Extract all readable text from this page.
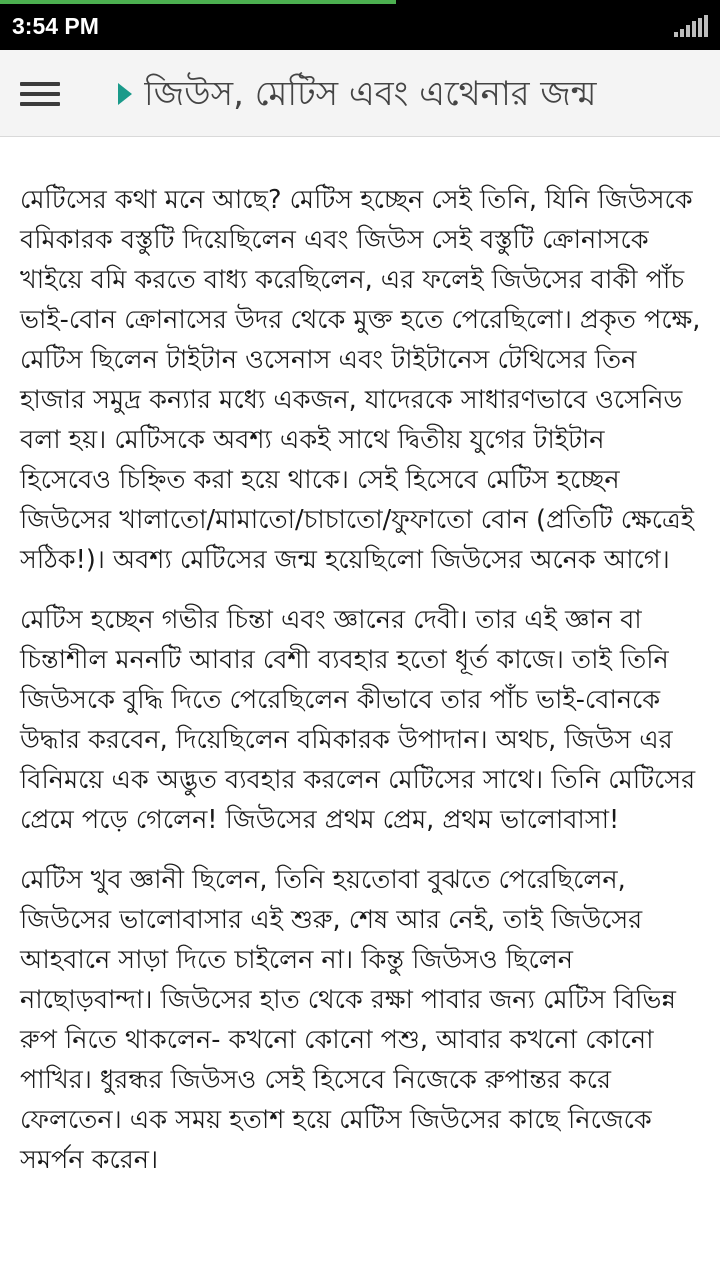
3:54 PM
জিউস, মেটিস এবং এথেনার জন্ম

মেটিসের কথা মনে আছে? মেটিস হচ্ছেন সেই তিনি, যিনি জিউসকে বমিকারক বস্তুটি দিয়েছিলেন এবং জিউস সেই বস্তুটি ক্রোনাসকে খাইয়ে বমি করতে বাধ্য করেছিলেন, এর ফলেই জিউসের বাকী পাঁচ ভাই-বোন ক্রোনাসের উদর থেকে মুক্ত হতে পেরেছিলো। প্রকৃত পক্ষে, মেটিস ছিলেন টাইটান ওসেনাস এবং টাইটানেস টেথিসের তিন হাজার সমুদ্র কন্যার মধ্যে একজন, যাদেরকে সাধারণভাবে ওসেনিড বলা হয়। মেটিসকে অবশ্য একই সাথে দ্বিতীয় যুগের টাইটান হিসেবেও চিহ্নিত করা হয়ে থাকে। সেই হিসেবে মেটিস হচ্ছেন জিউসের খালাতো/মামাতো/চাচাতো/ফুফাতো বোন (প্রতিটি ক্ষেত্রেই সঠিক!)। অবশ্য মেটিসের জন্ম হয়েছিলো জিউসের অনেক আগে।

মেটিস হচ্ছেন গভীর চিন্তা এবং জ্ঞানের দেবী। তার এই জ্ঞান বা চিন্তাশীল মননটি আবার বেশী ব্যবহার হতো ধূর্ত কাজে। তাই তিনি জিউসকে বুদ্ধি দিতে পেরেছিলেন কীভাবে তার পাঁচ ভাই-বোনকে উদ্ধার করবেন, দিয়েছিলেন বমিকারক উপাদান। অথচ, জিউস এর বিনিময়ে এক অদ্ভুত ব্যবহার করলেন মেটিসের সাথে। তিনি মেটিসের প্রেমে পড়ে গেলেন! জিউসের প্রথম প্রেম, প্রথম ভালোবাসা!

মেটিস খুব জ্ঞানী ছিলেন, তিনি হয়তোবা বুঝতে পেরেছিলেন, জিউসের ভালোবাসার এই শুরু, শেষ আর নেই, তাই জিউসের আহবানে সাড়া দিতে চাইলেন না। কিন্তু জিউসও ছিলেন নাছোড়বান্দা। জিউসের হাত থেকে রক্ষা পাবার জন্য মেটিস বিভিন্ন রুপ নিতে থাকলেন- কখনো কোনো পশু, আবার কখনো কোনো পাখির। ধুরন্ধর জিউসও সেই হিসেবে নিজেকে রুপান্তর করে ফেলতেন। এক সময় হতাশ হয়ে মেটিস জিউসের কাছে নিজেকে সমর্পন করেন।
